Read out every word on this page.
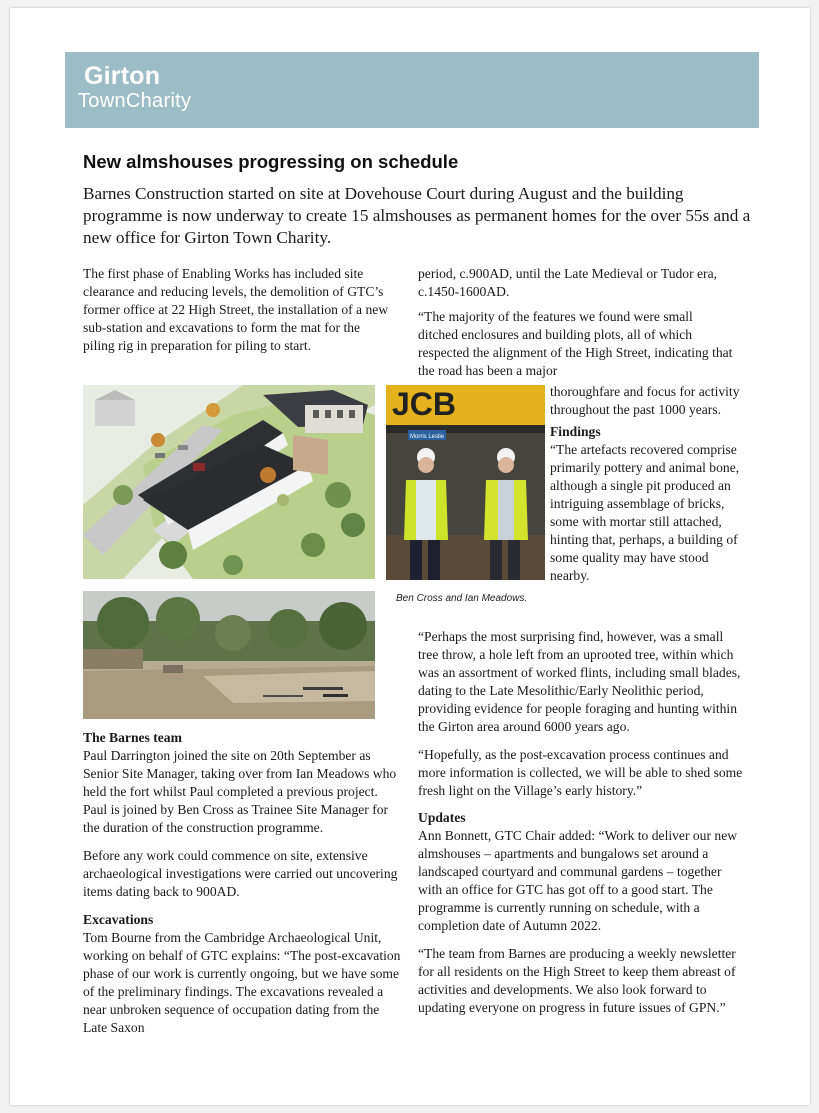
Girton
TownCharity
New almshouses progressing on schedule
Barnes Construction started on site at Dovehouse Court during August and the building programme is now underway to create 15 almshouses as permanent homes for the over 55s and a new office for Girton Town Charity.

The first phase of Enabling Works has included site clearance and reducing levels, the demolition of GTC’s former office at 22 High Street, the installation of a new sub-station and excavations to form the mat for the piling rig in preparation for piling to start.

JCB
Morris Leslie
Ben Cross and Ian Meadows.

The Barnes team

Paul Darrington joined the site on 20th September as Senior Site Manager, taking over from Ian Meadows who held the fort whilst Paul completed a previous project. Paul is joined by Ben Cross as Trainee Site Manager for the duration of the construction programme.

Before any work could commence on site, extensive archaeological investigations were carried out uncovering items dating back to 900AD.

Excavations

Tom Bourne from the Cambridge Archaeological Unit, working on behalf of GTC explains: “The post-excavation phase of our work is currently ongoing, but we have some of the preliminary findings. The excavations revealed a near unbroken sequence of occupation dating from the Late Saxon

period, c.900AD, until the Late Medieval or Tudor era, c.1450-1600AD.

“The majority of the features we found were small ditched enclosures and building plots, all of which respected the alignment of the High Street, indicating that the road has been a major

thoroughfare and focus for activity throughout the past 1000 years.

Findings

“The artefacts recovered comprise primarily pottery and animal bone, although a single pit produced an intriguing assemblage of bricks, some with mortar still attached, hinting that, perhaps, a building of some quality may have stood nearby.

“Perhaps the most surprising find, however, was a small tree throw, a hole left from an uprooted tree, within which was an assortment of worked flints, including small blades, dating to the Late Mesolithic/Early Neolithic period, providing evidence for people foraging and hunting within the Girton area around 6000 years ago.

“Hopefully, as the post-excavation process continues and more information is collected, we will be able to shed some fresh light on the Village’s early history.”

Updates

Ann Bonnett, GTC Chair added: “Work to deliver our new almshouses – apartments and bungalows set around a landscaped courtyard and communal gardens – together with an office for GTC has got off to a good start. The programme is currently running on schedule, with a completion date of Autumn 2022.

“The team from Barnes are producing a weekly newsletter for all residents on the High Street to keep them abreast of activities and developments. We also look forward to updating everyone on progress in future issues of GPN.”
